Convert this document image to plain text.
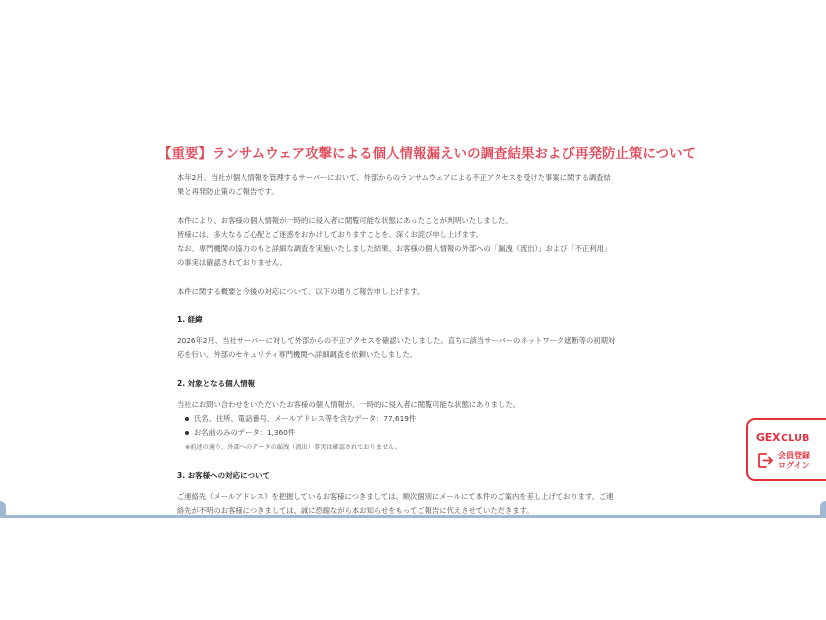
【重要】ランサムウェア攻撃による個人情報漏えいの調査結果および再発防止策について

本年2月、当社が個人情報を管理するサーバーにおいて、外部からのランサムウェアによる不正アクセスを受けた事案に関する調査結

果と再発防止策のご報告です。

本件により、お客様の個人情報が一時的に侵入者に閲覧可能な状態にあったことが判明いたしました。

皆様には、多大なるご心配とご迷惑をおかけしておりますことを、深くお詫び申し上げます。

なお、専門機関の協力のもと詳細な調査を実施いたしました結果、お客様の個人情報の外部への「漏洩（流出）」および「不正利用」

の事実は確認されておりません。

本件に関する概要と今後の対応について、以下の通りご報告申し上げます。

1. 経緯

2026年2月、当社サーバーに対して外部からの不正アクセスを確認いたしました。直ちに該当サーバーのネットワーク遮断等の初期対

応を行い、外部のセキュリティ専門機関へ詳細調査を依頼いたしました。

2. 対象となる個人情報

当社にお問い合わせをいただいたお客様の個人情報が、一時的に侵入者に閲覧可能な状態にありました。

氏名、住所、電話番号、メールアドレス等を含むデータ：77,619件
お名前のみのデータ：1,360件

※前述の通り、外部へのデータの漏洩（流出）事実は確認されておりません。

3. お客様への対応について

ご連絡先（メールアドレス）を把握しているお客様につきましては、順次個別にメールにて本件のご案内を差し上げております。ご連

絡先が不明のお客様につきましては、誠に恐縮ながら本お知らせをもってご報告に代えさせていただきます。

GEXCLUB
会員登録
ログイン
